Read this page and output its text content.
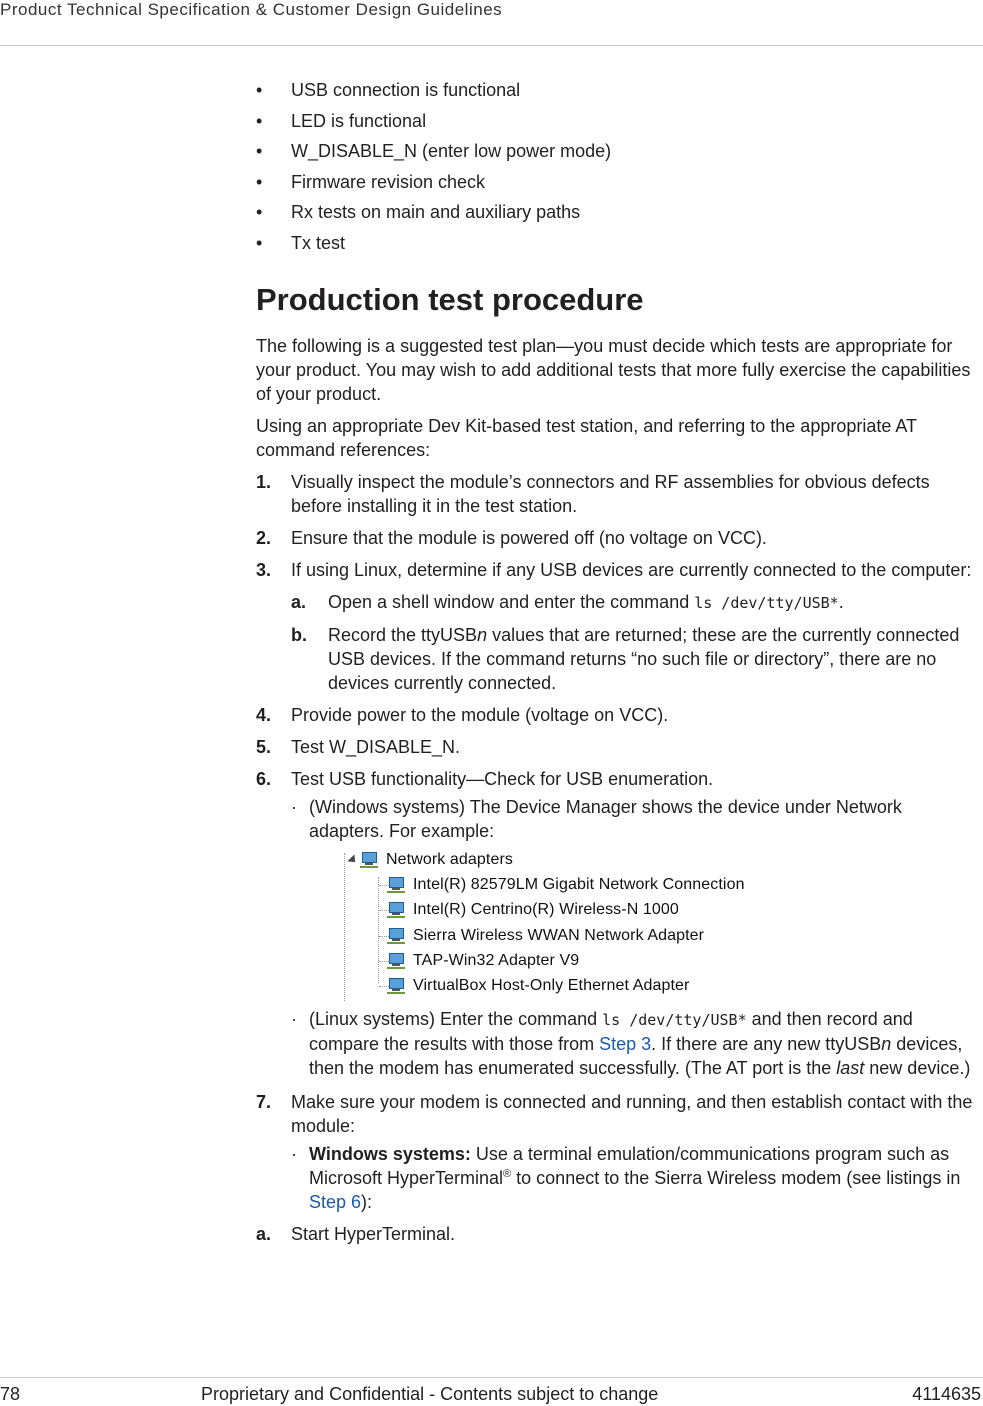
Product Technical Specification & Customer Design Guidelines
• USB connection is functional
• LED is functional
• W_DISABLE_N (enter low power mode)
• Firmware revision check
• Rx tests on main and auxiliary paths
• Tx test
Production test procedure

The following is a suggested test plan—you must decide which tests are appropriate for your product. You may wish to add additional tests that more fully exercise the capabilities of your product.

Using an appropriate Dev Kit-based test station, and referring to the appropriate AT command references:

1. Visually inspect the module’s connectors and RF assemblies for obvious defects before installing it in the test station.
2. Ensure that the module is powered off (no voltage on VCC).
3. If using Linux, determine if any USB devices are currently connected to the computer:
a. Open a shell window and enter the command ls /dev/tty/USB*.
b. Record the ttyUSBn values that are returned; these are the currently connected USB devices. If the command returns “no such file or directory”, there are no devices currently connected.
4. Provide power to the module (voltage on VCC).
5. Test W_DISABLE_N.
6. Test USB functionality—Check for USB enumeration.
· (Windows systems) The Device Manager shows the device under Network adapters. For example:
Network adapters
Intel(R) 82579LM Gigabit Network Connection
Intel(R) Centrino(R) Wireless-N 1000
Sierra Wireless WWAN Network Adapter
TAP-Win32 Adapter V9
VirtualBox Host-Only Ethernet Adapter
· (Linux systems) Enter the command ls /dev/tty/USB* and then record and compare the results with those from Step 3. If there are any new ttyUSBn devices, then the modem has enumerated successfully. (The AT port is the last new device.)
7. Make sure your modem is connected and running, and then establish contact with the module:
· Windows systems: Use a terminal emulation/communications program such as Microsoft HyperTerminal® to connect to the Sierra Wireless modem (see listings in Step 6):
a. Start HyperTerminal.
78	Proprietary and Confidential - Contents subject to change	4114635
